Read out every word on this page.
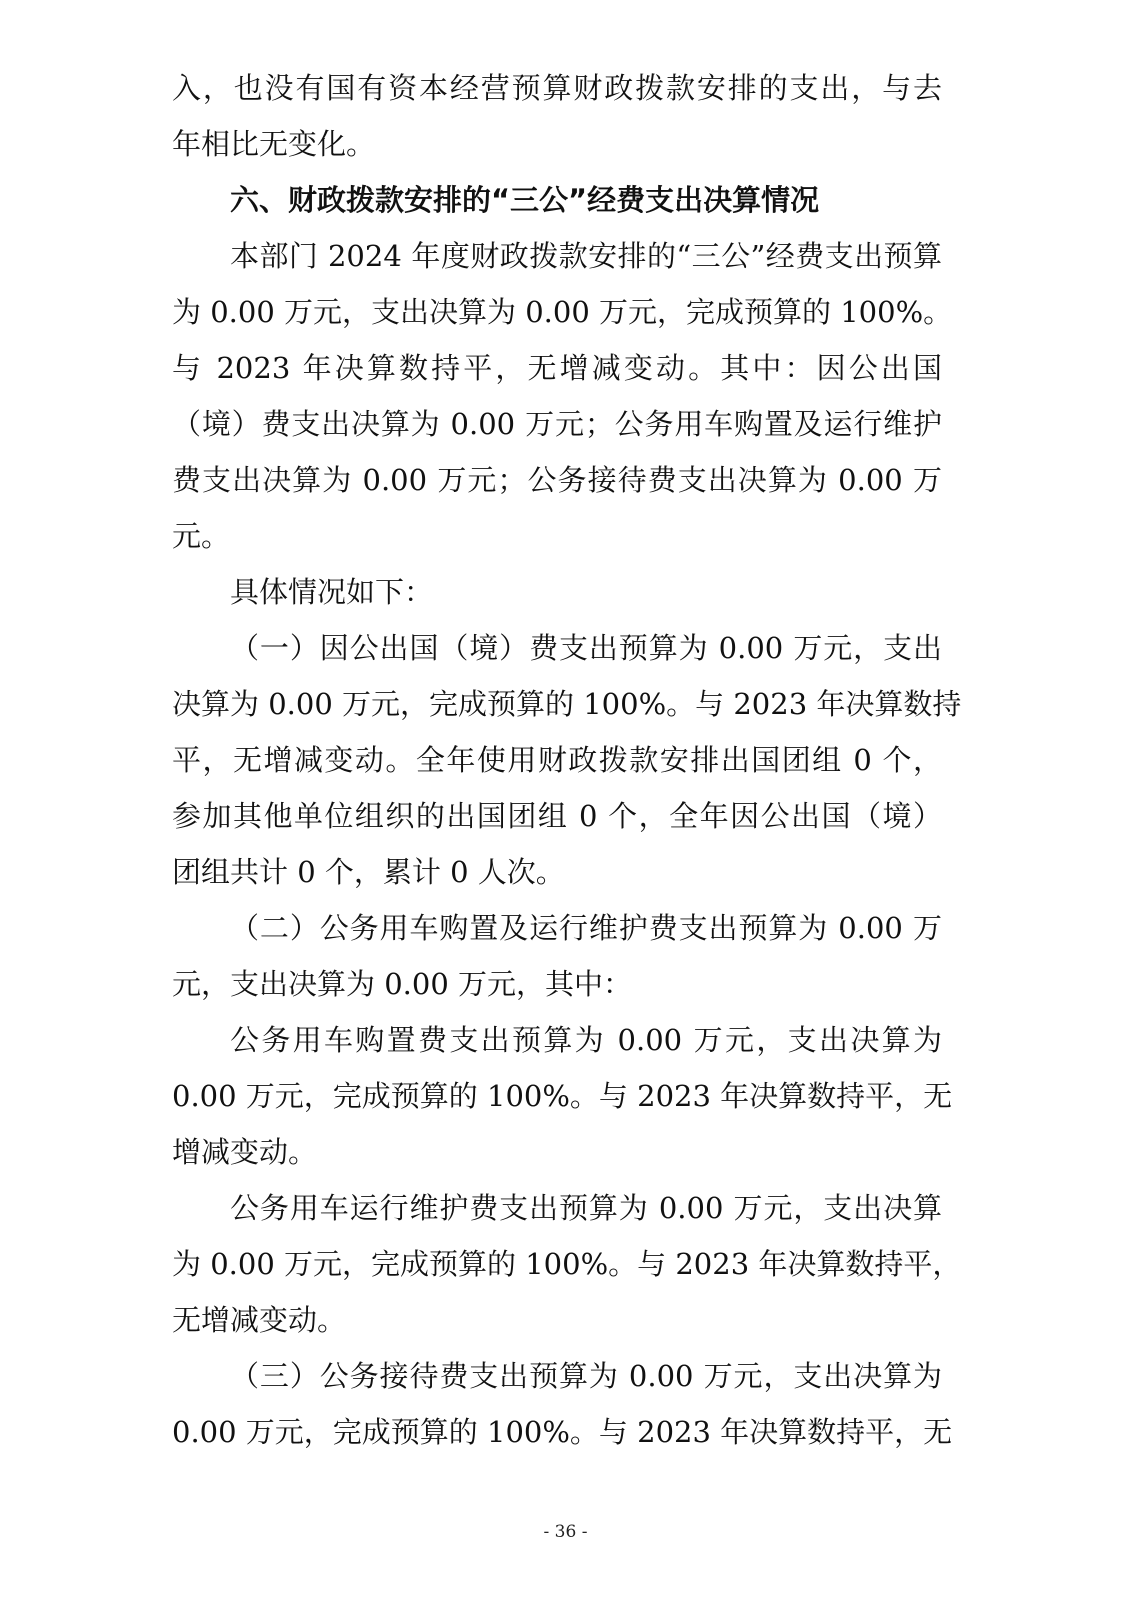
入，也没有国有资本经营预算财政拨款安排的支出，与去
年相比无变化。
六、财政拨款安排的“三公”经费支出决算情况
本部门 2024 年度财政拨款安排的“三公”经费支出预算
为 0.00 万元，支出决算为 0.00 万元，完成预算的 100%。
与 2023 年决算数持平，无增减变动。其中：因公出国
（境）费支出决算为 0.00 万元；公务用车购置及运行维护
费支出决算为 0.00 万元；公务接待费支出决算为 0.00 万
元。
具体情况如下：
（一）因公出国（境）费支出预算为 0.00 万元，支出
决算为 0.00 万元，完成预算的 100%。与 2023 年决算数持
平，无增减变动。全年使用财政拨款安排出国团组 0 个，
参加其他单位组织的出国团组 0 个，全年因公出国（境）
团组共计 0 个，累计 0 人次。
（二）公务用车购置及运行维护费支出预算为 0.00 万
元，支出决算为 0.00 万元，其中：
公务用车购置费支出预算为 0.00 万元，支出决算为
0.00 万元，完成预算的 100%。与 2023 年决算数持平，无
增减变动。
公务用车运行维护费支出预算为 0.00 万元，支出决算
为 0.00 万元，完成预算的 100%。与 2023 年决算数持平，
无增减变动。
（三）公务接待费支出预算为 0.00 万元，支出决算为
0.00 万元，完成预算的 100%。与 2023 年决算数持平，无
- 36 -
